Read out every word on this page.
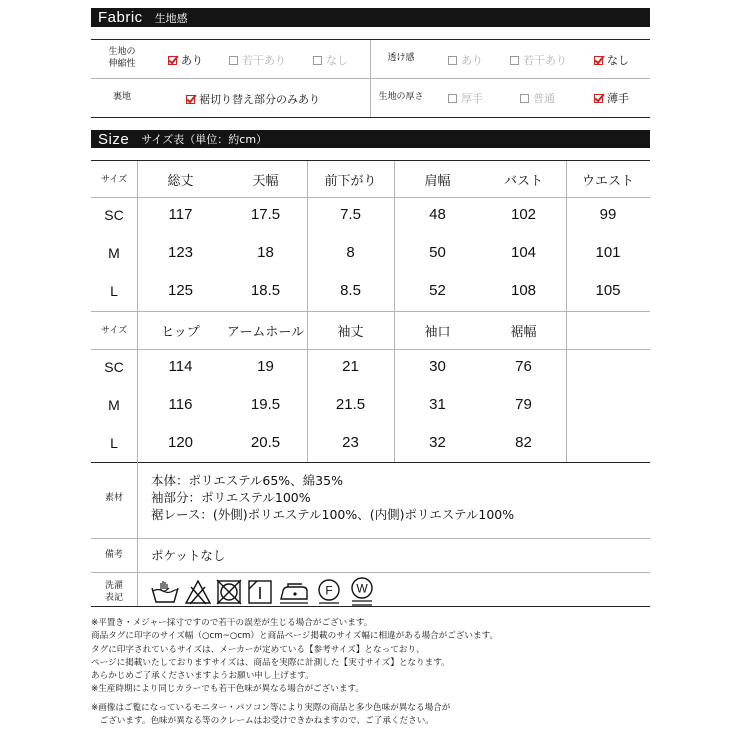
Fabric 生地感
生地の
伸縮性	あり	若干あり	なし	透け感	あり	若干あり	なし
裏地	裾切り替え部分のみあり	生地の厚さ	厚手	普通	薄手
Size サイズ表（単位：約cm）
サイズ	総丈	天幅	前下がり	肩幅	バスト	ウエスト
SC	117	17.5	7.5	48	102	99
M	123	18	8	50	104	101
L	125	18.5	8.5	52	108	105
サイズ	ヒップ	アームホール	袖丈	袖口	裾幅
SC	114	19	21	30	76
M	116	19.5	21.5	31	79
L	120	20.5	23	32	82
素材
本体：ポリエステル65%、綿35%
袖部分：ポリエステル100%
裾レース：(外側)ポリエステル100%、(内側)ポリエステル100%
備考	ポケットなし
洗濯
表記
F W

※平置き・メジャー採寸ですので若干の誤差が生じる場合がございます。

商品タグに印字のサイズ幅（○cm~○cm）と商品ページ掲載のサイズ幅に相違がある場合がございます。

タグに印字されているサイズは、メーカーが定めている【参考サイズ】となっており、

ページに掲載いたしておりますサイズは、商品を実際に計測した【実寸サイズ】となります。

あらかじめご了承くださいますようお願い申し上げます。

※生産時期により同じカラーでも若干色味が異なる場合がございます。

※画像はご覧になっているモニター・パソコン等により実際の商品と多少色味が異なる場合が

　ございます。色味が異なる等のクレームはお受けできかねますので、ご了承ください。
